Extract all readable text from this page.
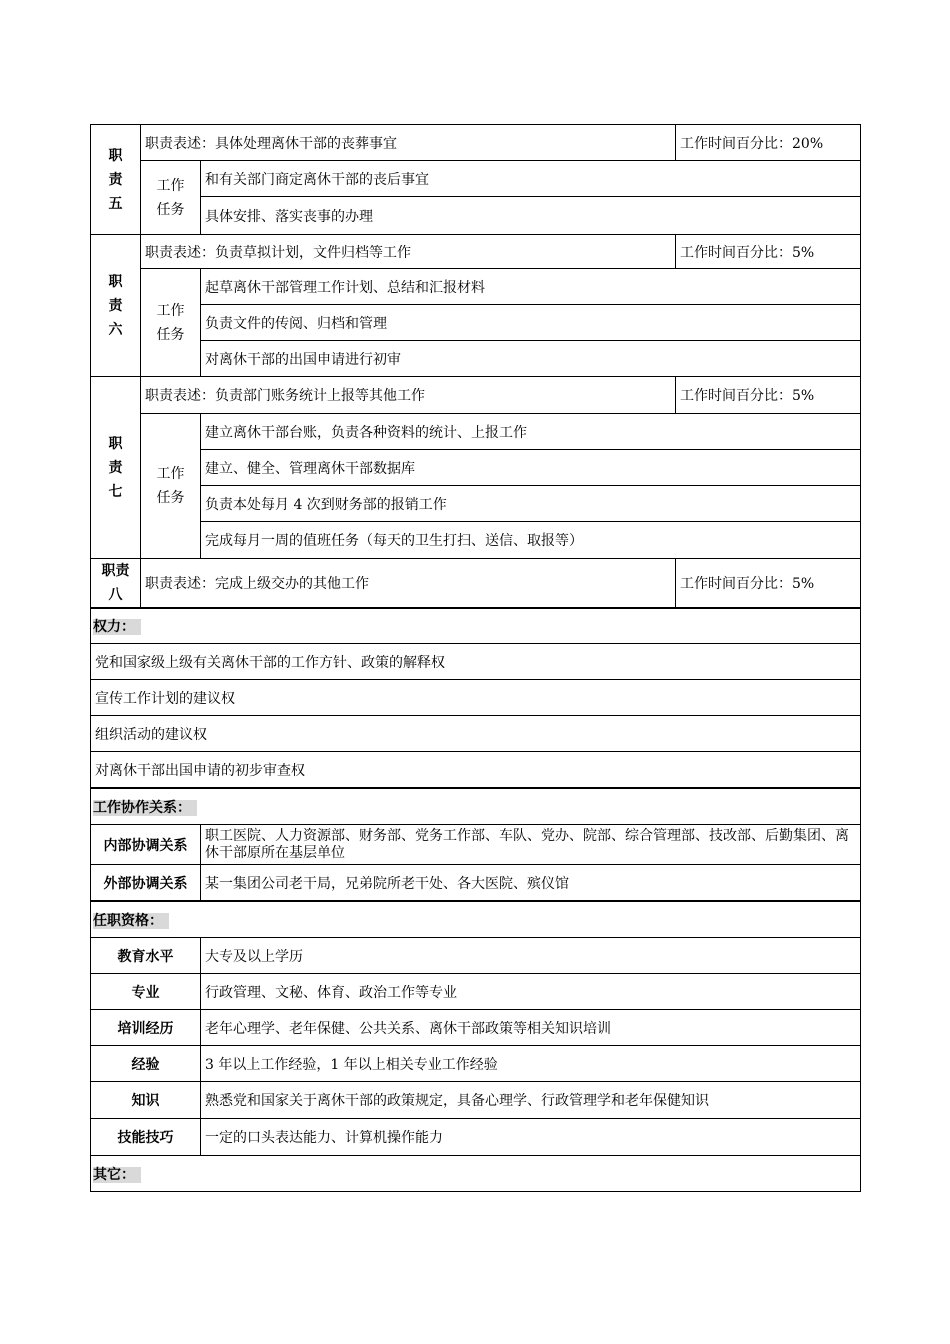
职
责
五	职责表述：具体处理离休干部的丧葬事宜		工作时间百分比：20%
	工作
任务	和有关部门商定离休干部的丧后事宜	
		具体安排、落实丧事的办理	
职
责
六	职责表述：负责草拟计划，文件归档等工作		工作时间百分比：5%
	工作
任务	起草离休干部管理工作计划、总结和汇报材料	
		负责文件的传阅、归档和管理	
		对离休干部的出国申请进行初审	
职
责
七	职责表述：负责部门账务统计上报等其他工作		工作时间百分比：5%
	工作
任务	建立离休干部台账，负责各种资料的统计、上报工作	
		建立、健全、管理离休干部数据库	
		负责本处每月 4 次到财务部的报销工作	
		完成每月一周的值班任务（每天的卫生打扫、送信、取报等）	
职责
八	职责表述：完成上级交办的其他工作		工作时间百分比：5%
权力：
党和国家级上级有关离休干部的工作方针、政策的解释权
宣传工作计划的建议权
组织活动的建议权
对离休干部出国申请的初步审查权
工作协作关系：	
内部协调关系	职工医院、人力资源部、财务部、党务工作部、车队、党办、院部、综合管理部、技改部、后勤集团、离休干部原所在基层单位
外部协调关系	某一集团公司老干局，兄弟院所老干处、各大医院、殡仪馆
任职资格：	
教育水平	大专及以上学历
专业	行政管理、文秘、体育、政治工作等专业
培训经历	老年心理学、老年保健、公共关系、离休干部政策等相关知识培训
经验	3 年以上工作经验，1 年以上相关专业工作经验
知识	熟悉党和国家关于离休干部的政策规定，具备心理学、行政管理学和老年保健知识
技能技巧	一定的口头表达能力、计算机操作能力
其它：	
